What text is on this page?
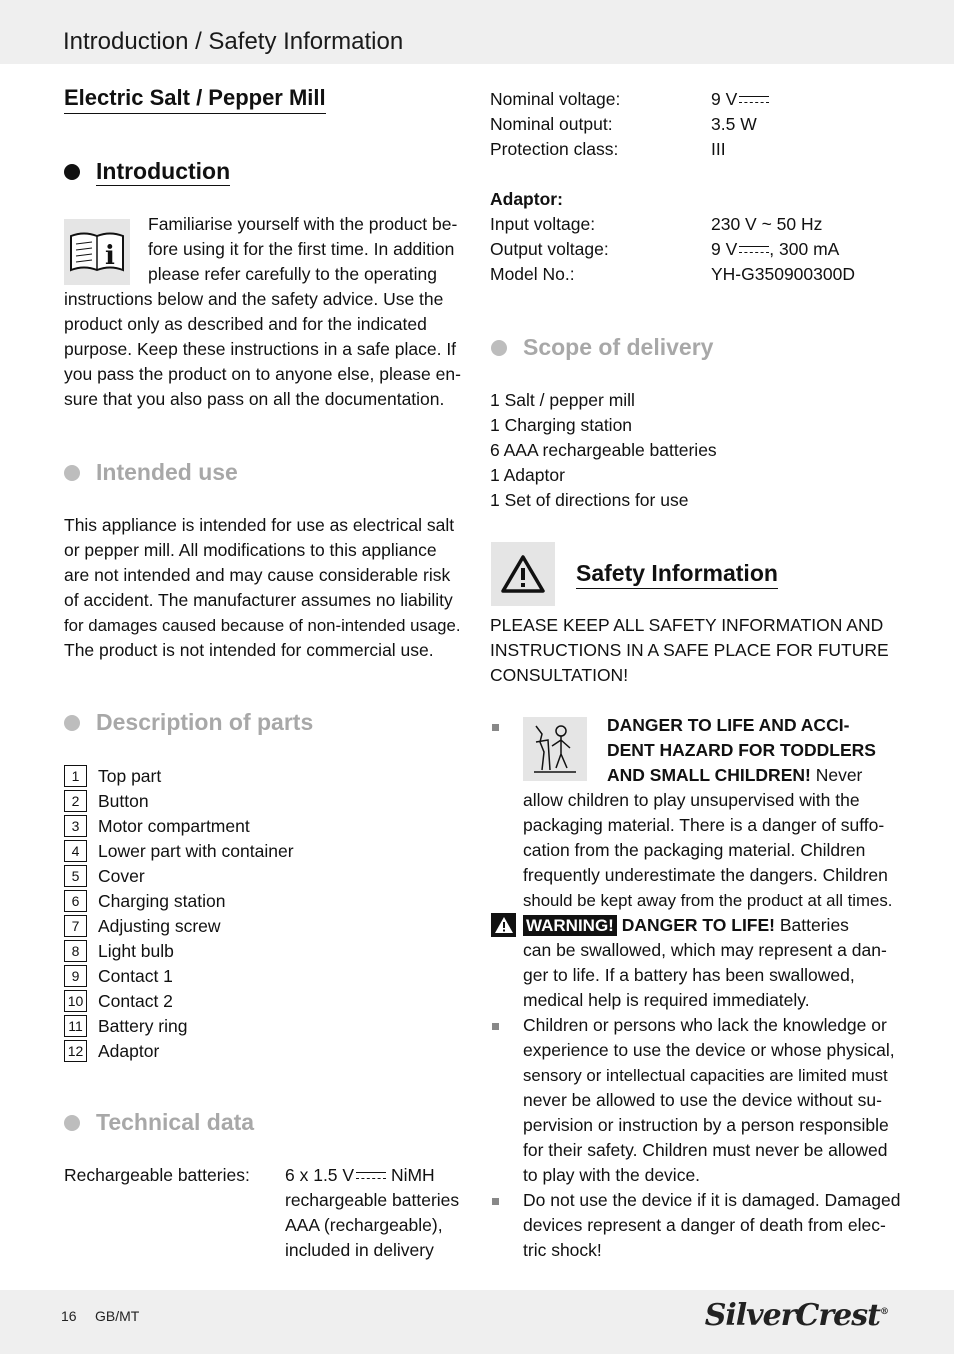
Introduction / Safety Information
Electric Salt / Pepper Mill
Introduction
i

Familiarise yourself with the product be-

fore using it for the first time. In addition

please refer carefully to the operating

instructions below and the safety advice. Use the

product only as described and for the indicated

purpose. Keep these instructions in a safe place. If

you pass the product on to anyone else, please en-

sure that you also pass on all the documentation.

Intended use

This appliance is intended for use as electrical salt

or pepper mill. All modifications to this appliance

are not intended and may cause considerable risk

of accident. The manufacturer assumes no liability

for damages caused because of non-intended usage.

The product is not intended for commercial use.

Description of parts
1	Top part
2	Button
3	Motor compartment
4	Lower part with container
5	Cover
6	Charging station
7	Adjusting screw
8	Light bulb
9	Contact 1
10 Contact 2
11 Battery ring
12 Adaptor
Technical data
Rechargeable batteries: 6 x 1.5 V NiMH

rechargeable batteries

AAA (rechargeable),

included in delivery

Nominal voltage:	9 V
Nominal output:	3.5 W
Protection class:	III
Adaptor:
Input voltage:	230 V ~ 50 Hz
Output voltage:	9 V , 300 mA
Model No.:	YH-G350900300D
Scope of delivery

1 Salt / pepper mill

1 Charging station

6 AAA rechargeable batteries

1 Adaptor

1 Set of directions for use

Safety Information

PLEASE KEEP ALL SAFETY INFORMATION AND

INSTRUCTIONS IN A SAFE PLACE FOR FUTURE

CONSULTATION!

DANGER TO LIFE AND ACCI-

DENT HAZARD FOR TODDLERS

AND SMALL CHILDREN! Never

allow children to play unsupervised with the

packaging material. There is a danger of suffo-

cation from the packaging material. Children

frequently underestimate the dangers. Children

should be kept away from the product at all times.

WARNING! DANGER TO LIFE! Batteries

can be swallowed, which may represent a dan-

ger to life. If a battery has been swallowed,

medical help is required immediately.

Children or persons who lack the knowledge or

experience to use the device or whose physical,

sensory or intellectual capacities are limited must

never be allowed to use the device without su-

pervision or instruction by a person responsible

for their safety. Children must never be allowed

to play with the device.

Do not use the device if it is damaged. Damaged

devices represent a danger of death from elec-

tric shock!

16 GB/MT	SilverCrest®
